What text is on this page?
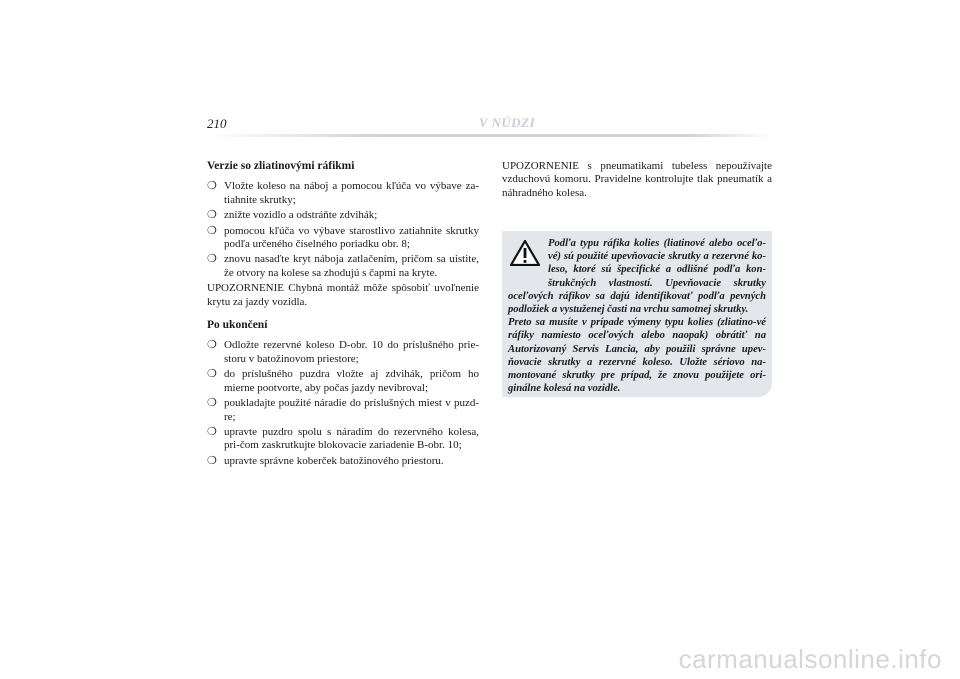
210	V NÚDZI
Verzie so zliatinovými ráfikmi
❍ Vložte koleso na náboj a pomocou kľúča vo výbave za-tiahnite skrutky;
❍ znížte vozidlo a odstráňte zdvihák;
❍ pomocou kľúča vo výbave starostlivo zatiahnite skrutky podľa určeného číselného poriadku obr. 8;
❍ znovu nasaďte kryt náboja zatlačením, pričom sa uistite, že otvory na kolese sa zhodujú s čapmi na kryte.

UPOZORNENIE Chybná montáž môže spôsobiť uvoľnenie krytu za jazdy vozidla.

Po ukončení
❍ Odložte rezervné koleso D-obr. 10 do príslušného prie-storu v batožinovom priestore;
❍ do príslušného puzdra vložte aj zdvihák, pričom ho mierne pootvorte, aby počas jazdy nevibroval;
❍ poukladajte použité náradie do príslušných miest v puzd-re;
❍ upravte puzdro spolu s náradím do rezervného kolesa, pri-čom zaskrutkujte blokovacie zariadenie B-obr. 10;
❍ upravte správne koberček batožinového priestoru.

UPOZORNENIE s pneumatikami tubeless nepoužívajte vzduchovú komoru. Pravidelne kontrolujte tlak pneumatík a náhradného kolesa.

Podľa typu ráfika kolies (liatinové alebo oceľo-vé) sú použité upevňovacie skrutky a rezervné ko-leso, ktoré sú špecifické a odlišné podľa kon-štrukčných vlastností. Upevňovacie skrutky oceľových ráfikov sa dajú identifikovať podľa pevných podložiek a vystuženej časti na vrchu samotnej skrutky.

Preto sa musíte v prípade výmeny typu kolies (zliatino-vé ráfiky namiesto oceľových alebo naopak) obrátiť na Autorizovaný Servis Lancia, aby použili správne upev-ňovacie skrutky a rezervné koleso. Uložte sériovo na-montované skrutky pre prípad, že znovu použijete ori-ginálne kolesá na vozidle.

carmanualsonline.info
